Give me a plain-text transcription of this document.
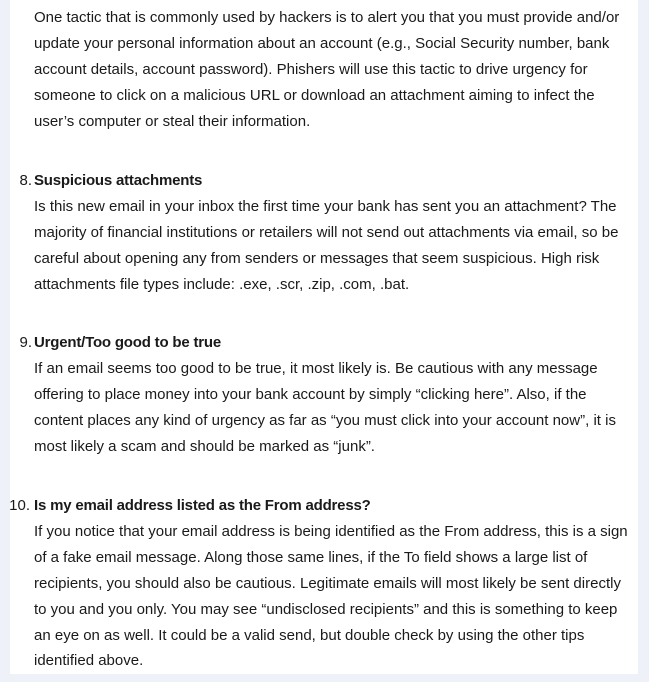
One tactic that is commonly used by hackers is to alert you that you must provide and/or update your personal information about an account (e.g., Social Security number, bank account details, account password). Phishers will use this tactic to drive urgency for someone to click on a malicious URL or download an attachment aiming to infect the user’s computer or steal their information.

8. Suspicious attachments

Is this new email in your inbox the first time your bank has sent you an attachment? The majority of financial institutions or retailers will not send out attachments via email, so be careful about opening any from senders or messages that seem suspicious. High risk attachments file types include: .exe, .scr, .zip, .com, .bat.

9. Urgent/Too good to be true

If an email seems too good to be true, it most likely is. Be cautious with any message offering to place money into your bank account by simply “clicking here”. Also, if the content places any kind of urgency as far as “you must click into your account now”, it is most likely a scam and should be marked as “junk”.

10. Is my email address listed as the From address?

If you notice that your email address is being identified as the From address, this is a sign of a fake email message. Along those same lines, if the To field shows a large list of recipients, you should also be cautious. Legitimate emails will most likely be sent directly to you and you only. You may see “undisclosed recipients” and this is something to keep an eye on as well. It could be a valid send, but double check by using the other tips identified above.
